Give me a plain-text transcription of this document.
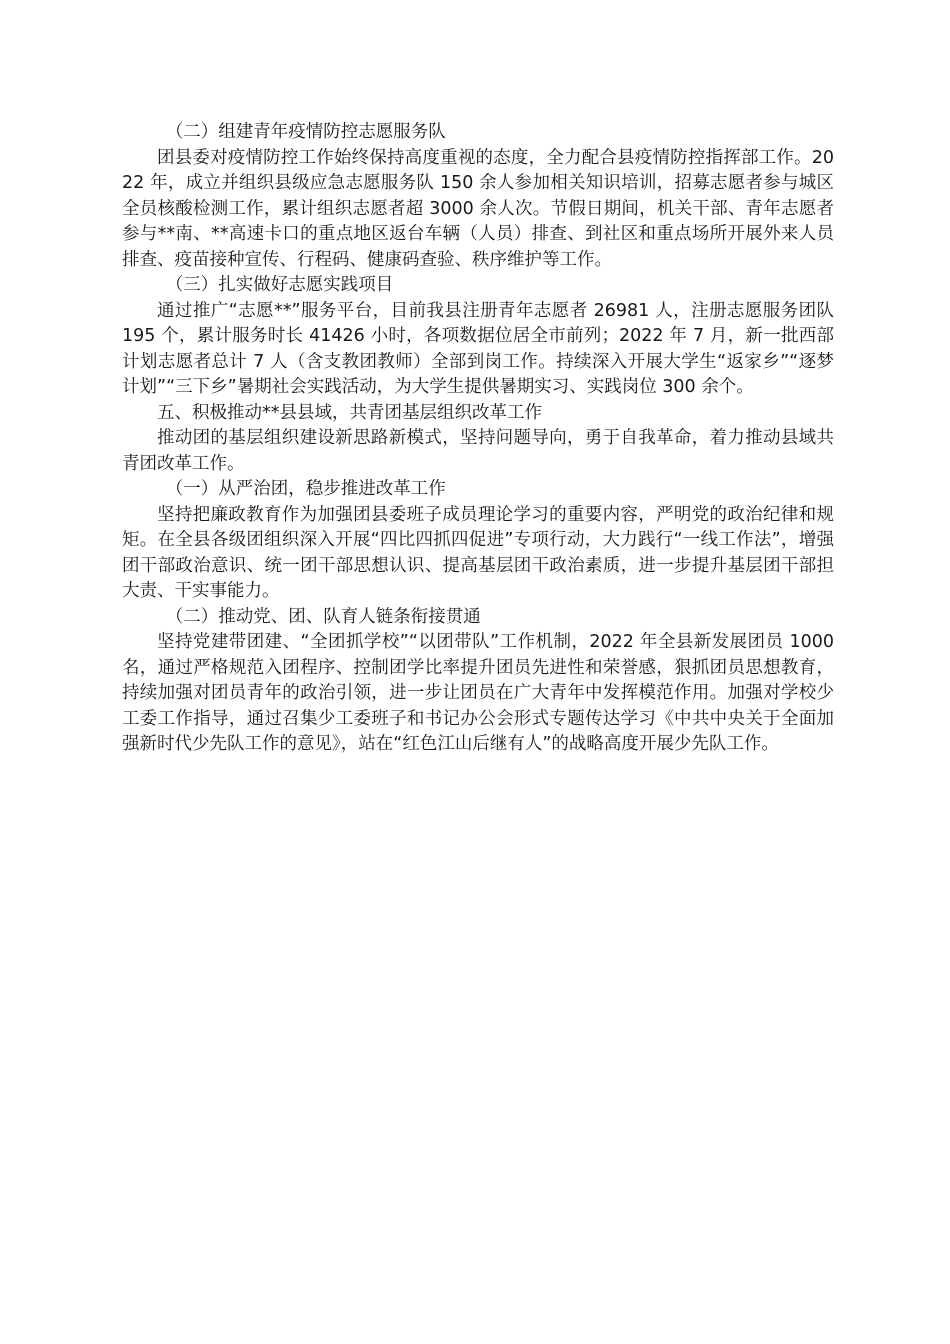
（二）组建青年疫情防控志愿服务队

团县委对疫情防控工作始终保持高度重视的态度，全力配合县疫情防控指挥部工作。2022 年，成立并组织县级应急志愿服务队 150 余人参加相关知识培训，招募志愿者参与城区全员核酸检测工作，累计组织志愿者超 3000 余人次。节假日期间，机关干部、青年志愿者参与**南、**高速卡口的重点地区返台车辆（人员）排查、到社区和重点场所开展外来人员排查、疫苗接种宣传、行程码、健康码查验、秩序维护等工作。

（三）扎实做好志愿实践项目

通过推广“志愿**”服务平台，目前我县注册青年志愿者 26981 人，注册志愿服务团队 195 个，累计服务时长 41426 小时，各项数据位居全市前列；2022 年 7 月，新一批西部计划志愿者总计 7 人（含支教团教师）全部到岗工作。持续深入开展大学生“返家乡”“逐梦计划”“三下乡”暑期社会实践活动，为大学生提供暑期实习、实践岗位 300 余个。

五、积极推动**县县域，共青团基层组织改革工作

推动团的基层组织建设新思路新模式，坚持问题导向，勇于自我革命，着力推动县域共青团改革工作。

（一）从严治团，稳步推进改革工作

坚持把廉政教育作为加强团县委班子成员理论学习的重要内容，严明党的政治纪律和规矩。在全县各级团组织深入开展“四比四抓四促进”专项行动，大力践行“一线工作法”，增强团干部政治意识、统一团干部思想认识、提高基层团干政治素质，进一步提升基层团干部担大责、干实事能力。

（二）推动党、团、队育人链条衔接贯通

坚持党建带团建、“全团抓学校”“以团带队”工作机制，2022 年全县新发展团员 1000 名，通过严格规范入团程序、控制团学比率提升团员先进性和荣誉感，狠抓团员思想教育，持续加强对团员青年的政治引领，进一步让团员在广大青年中发挥模范作用。加强对学校少工委工作指导，通过召集少工委班子和书记办公会形式专题传达学习《中共中央关于全面加强新时代少先队工作的意见》，站在“红色江山后继有人”的战略高度开展少先队工作。
